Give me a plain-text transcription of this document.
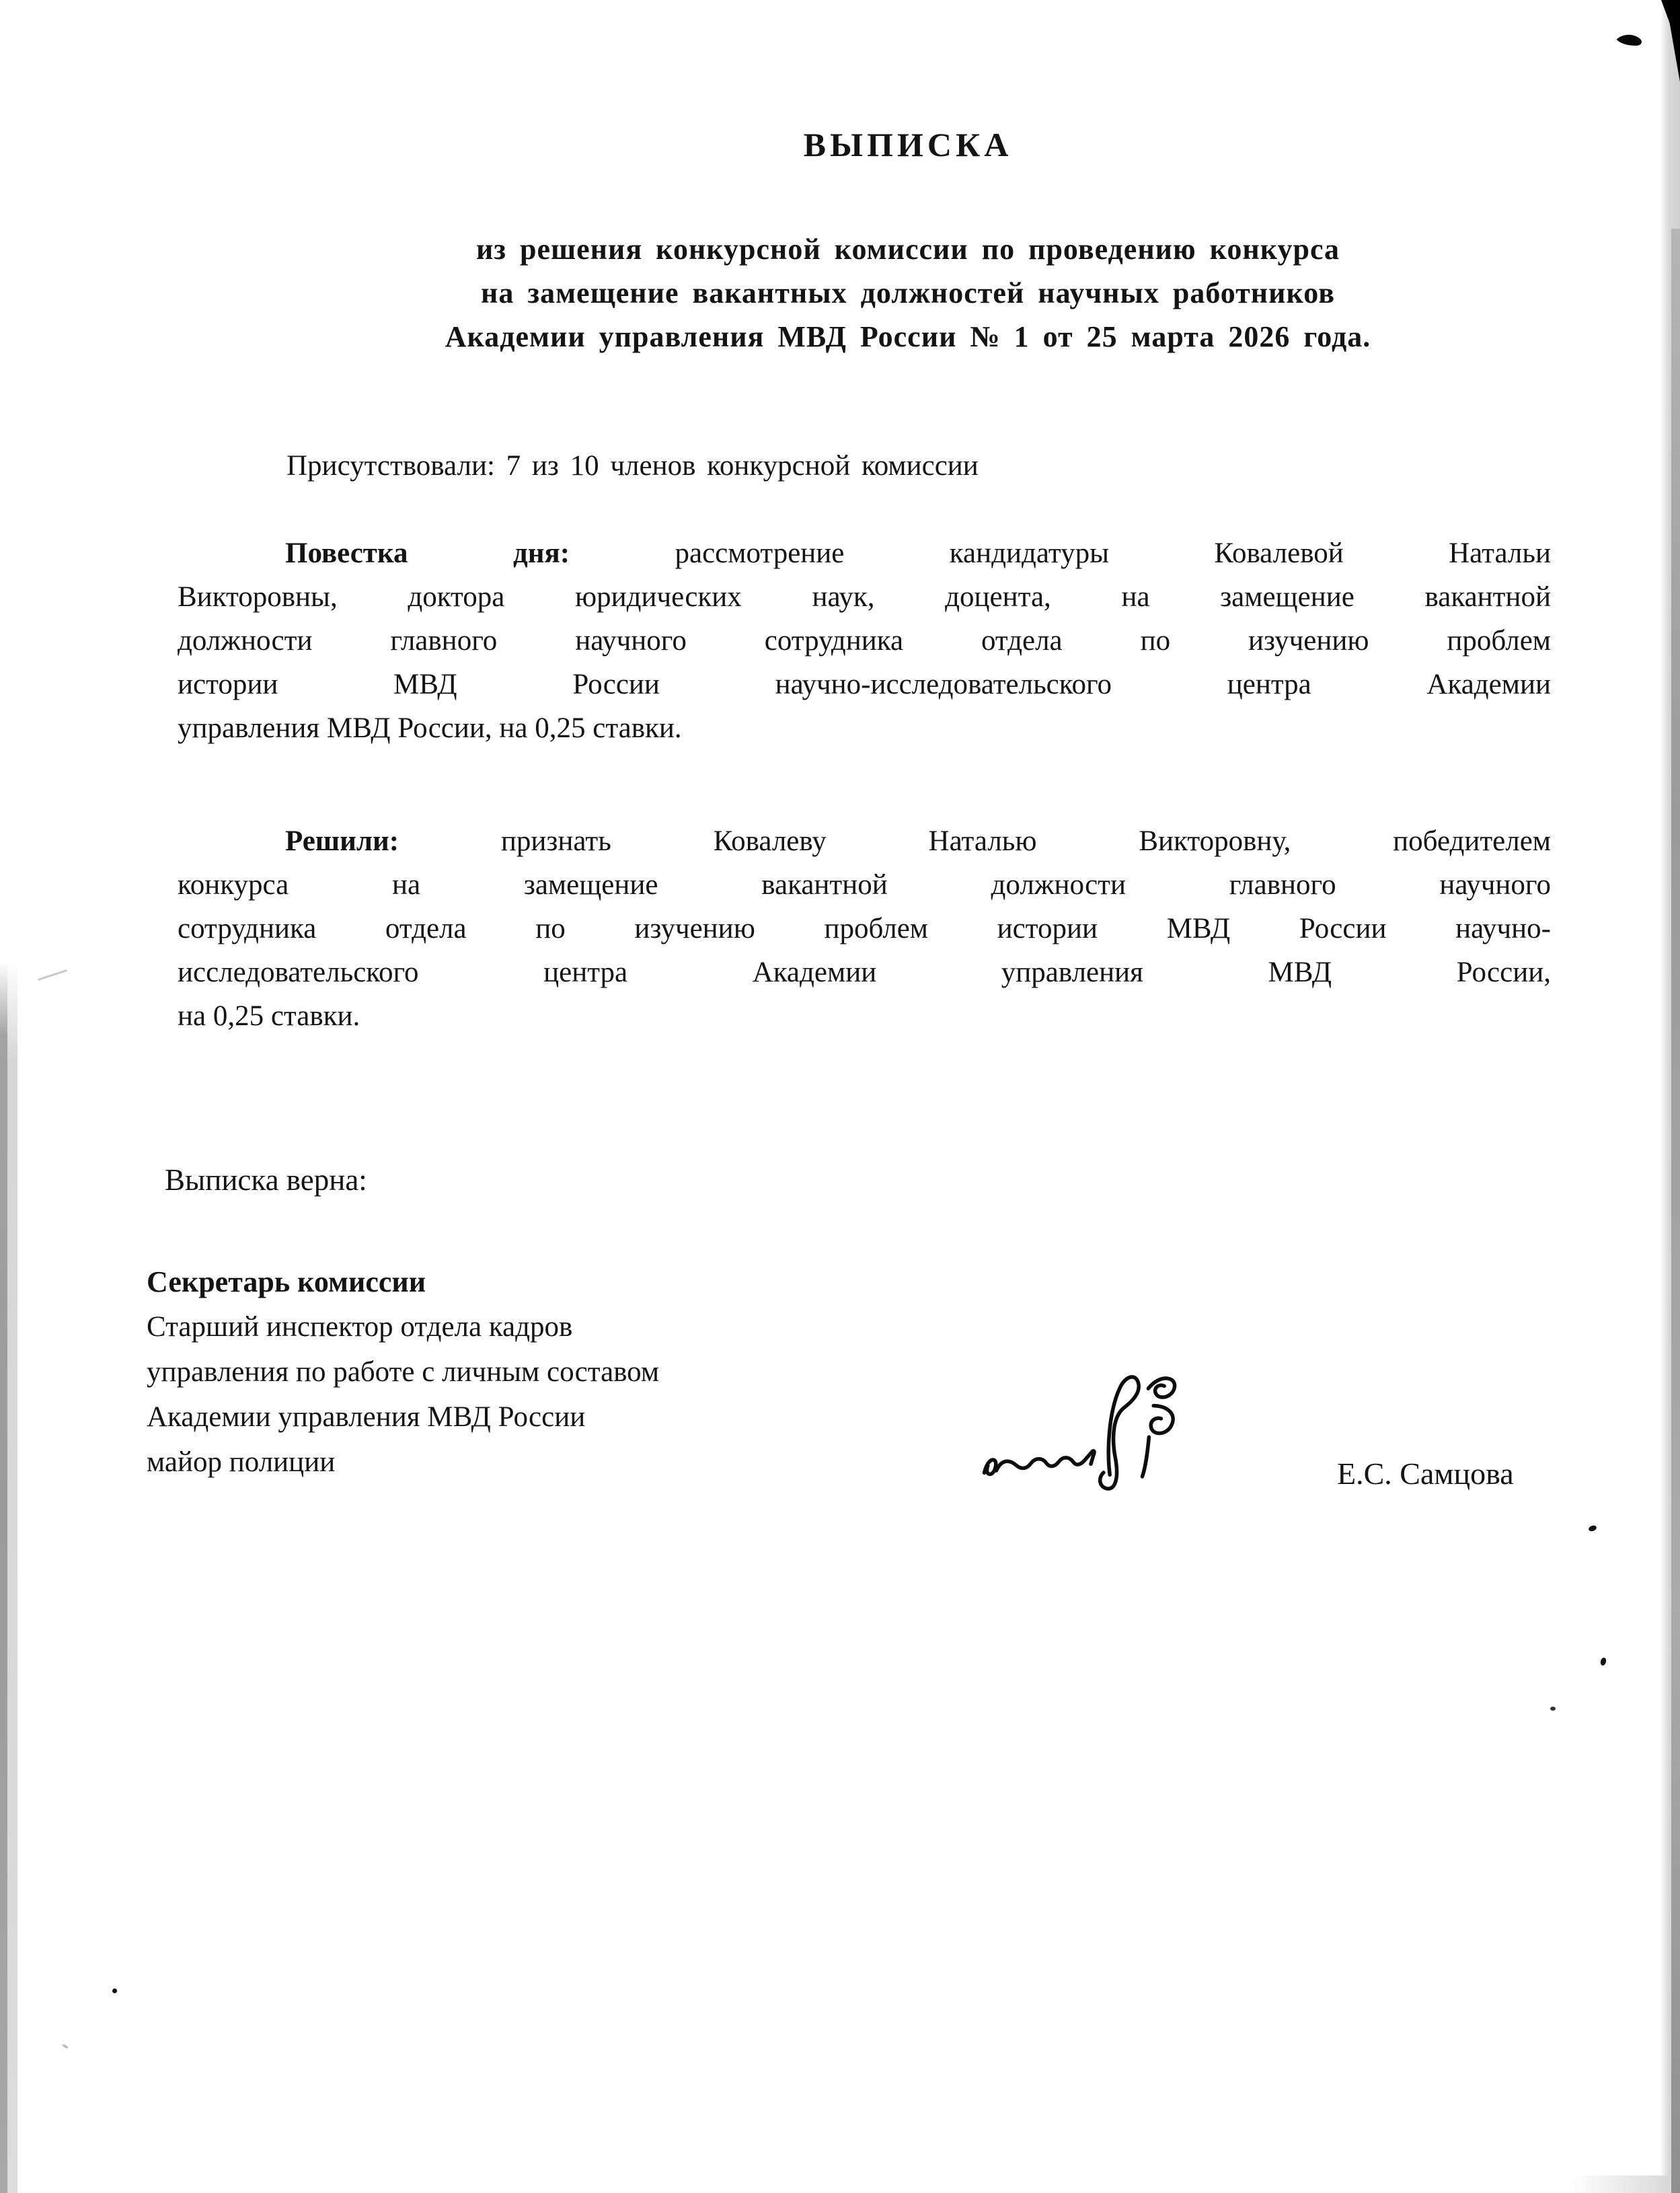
ВЫПИСКА
из решения конкурсной комиссии по проведению конкурса
на замещение вакантных должностей научных работников
Академии управления МВД России № 1 от 25 марта 2026 года.
Присутствовали: 7 из 10 членов конкурсной комиссии
Повестка дня:	рассмотрение кандидатуры Ковалевой Натальи
Викторовны, доктора юридических наук, доцента, на замещение вакантной
должности главного научного сотрудника отдела по изучению проблем
истории МВД России научно-исследовательского центра Академии
управления МВД России, на 0,25 ставки.
Решили:	признать Ковалеву Наталью Викторовну, победителем
конкурса на замещение вакантной должности главного научного
сотрудника отдела по изучению проблем истории МВД России научно-
исследовательского центра Академии управления МВД России,
на 0,25 ставки.
Выписка верна:
Секретарь комиссии
Старший инспектор отдела кадров
управления по работе с личным составом
Академии управления МВД России
майор полиции	Е.С. Самцова
